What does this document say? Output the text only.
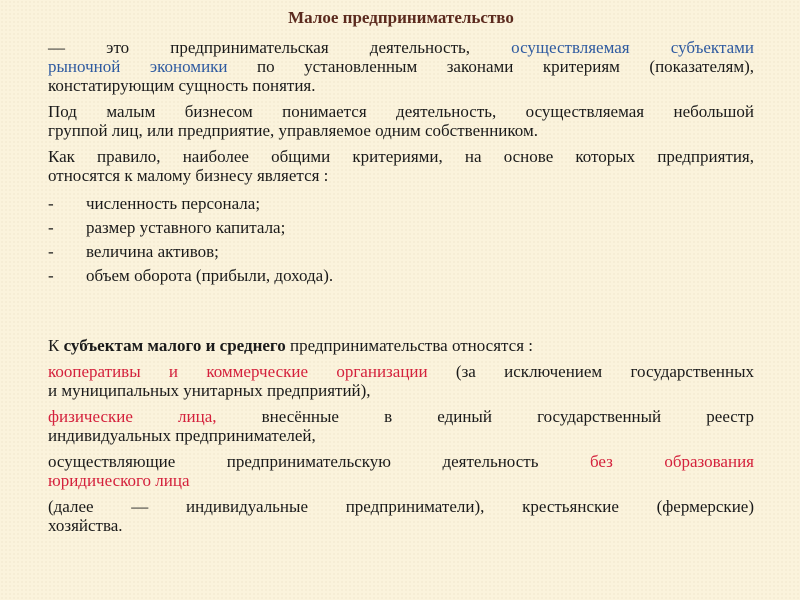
Малое предпринимательство
— это предпринимательская деятельность, осуществляемая субъектами
рыночной экономики по установленным законами критериям (показателям),
констатирующим сущность понятия.
Под малым бизнесом понимается деятельность, осуществляемая небольшой
группой лиц, или предприятие, управляемое одним собственником.
Как правило, наиболее общими критериями, на основе которых предприятия,
относятся к малому бизнесу является :
- численность персонала;
- размер уставного капитала;
- величина активов;
- объем оборота (прибыли, дохода).
К субъектам малого и среднего предпринимательства относятся :
кооперативы и коммерческие организации (за исключением государственных
и муниципальных унитарных предприятий),
физические лица, внесённые в единый государственный реестр
индивидуальных предпринимателей,
осуществляющие предпринимательскую деятельность без образования
юридического лица
(далее — индивидуальные предприниматели), крестьянские (фермерские)
хозяйства.
